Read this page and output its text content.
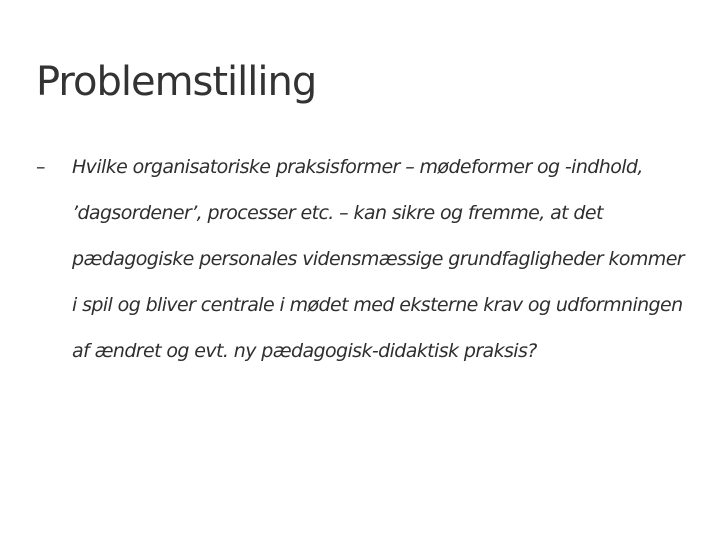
Problemstilling
– Hvilke organisatoriske praksisformer – mødeformer og -indhold, ’dagsordener’, processer etc. – kan sikre og fremme, at det pædagogiske personales vidensmæssige grundfagligheder kommer i spil og bliver centrale i mødet med eksterne krav og udformningen af ændret og evt. ny pædagogisk-didaktisk praksis?
